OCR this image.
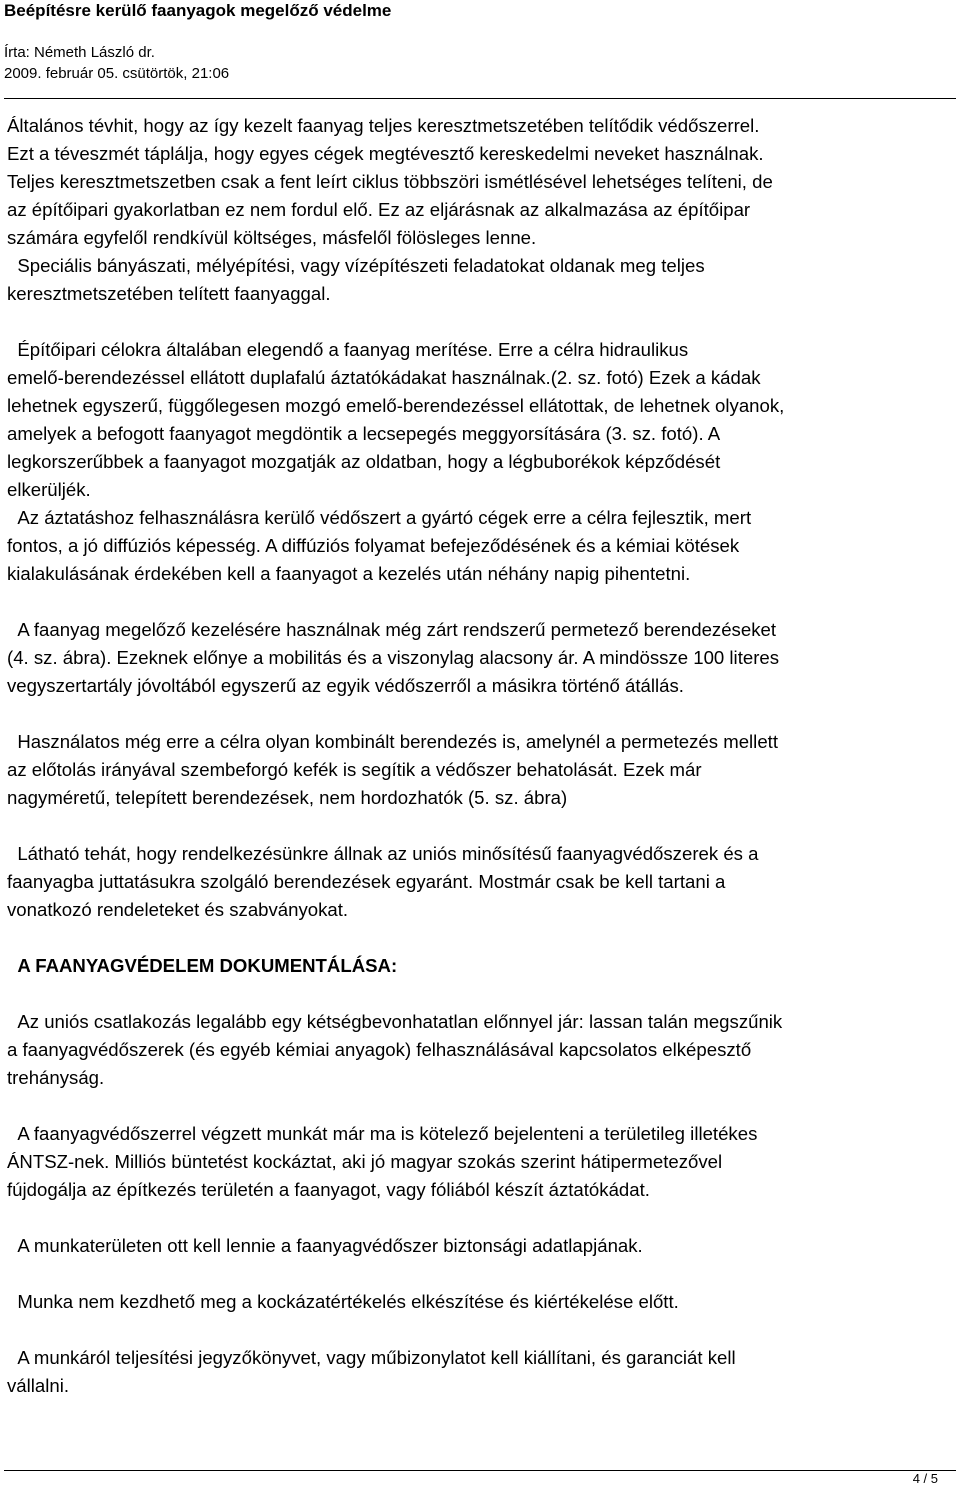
Beépítésre kerülő faanyagok megelőző védelme
Írta: Németh László dr.
2009. február 05. csütörtök, 21:06

Általános tévhit, hogy az így kezelt faanyag teljes keresztmetszetében telítődik védőszerrel.
Ezt a téveszmét táplálja, hogy egyes cégek megtévesztő kereskedelmi neveket használnak.
Teljes keresztmetszetben csak a fent leírt ciklus többszöri ismétlésével lehetséges telíteni, de
az építőipari gyakorlatban ez nem fordul elő. Ez az eljárásnak az alkalmazása az építőipar
számára egyfelől rendkívül költséges, másfelől fölösleges lenne.

Speciális bányászati, mélyépítési, vagy vízépítészeti feladatokat oldanak meg teljes
keresztmetszetében telített faanyaggal.

Építőipari célokra általában elegendő a faanyag merítése. Erre a célra hidraulikus
emelő-berendezéssel ellátott duplafalú áztatókádakat használnak.(2. sz. fotó) Ezek a kádak
lehetnek egyszerű, függőlegesen mozgó emelő-berendezéssel ellátottak, de lehetnek olyanok,
amelyek a befogott faanyagot megdöntik a lecsepegés meggyorsítására (3. sz. fotó). A
legkorszerűbbek a faanyagot mozgatják az oldatban, hogy a légbuborékok képződését
elkerüljék.

Az áztatáshoz felhasználásra kerülő védőszert a gyártó cégek erre a célra fejlesztik, mert
fontos, a jó diffúziós képesség. A diffúziós folyamat befejeződésének és a kémiai kötések
kialakulásának érdekében kell a faanyagot a kezelés után néhány napig pihentetni.

A faanyag megelőző kezelésére használnak még zárt rendszerű permetező berendezéseket
(4. sz. ábra). Ezeknek előnye a mobilitás és a viszonylag alacsony ár. A mindössze 100 literes
vegyszertartály jóvoltából egyszerű az egyik védőszerről a másikra történő átállás.

Használatos még erre a célra olyan kombinált berendezés is, amelynél a permetezés mellett
az előtolás irányával szembeforgó kefék is segítik a védőszer behatolását. Ezek már
nagyméretű, telepített berendezések, nem hordozhatók (5. sz. ábra)

Látható tehát, hogy rendelkezésünkre állnak az uniós minősítésű faanyagvédőszerek és a
faanyagba juttatásukra szolgáló berendezések egyaránt. Mostmár csak be kell tartani a
vonatkozó rendeleteket és szabványokat.

A FAANYAGVÉDELEM DOKUMENTÁLÁSA:

Az uniós csatlakozás legalább egy kétségbevonhatatlan előnnyel jár: lassan talán megszűnik
a faanyagvédőszerek (és egyéb kémiai anyagok) felhasználásával kapcsolatos elképesztő
trehányság.

A faanyagvédőszerrel végzett munkát már ma is kötelező bejelenteni a területileg illetékes
ÁNTSZ-nek. Milliós büntetést kockáztat, aki jó magyar szokás szerint hátipermetezővel
fújdogálja az építkezés területén a faanyagot, vagy fóliából készít áztatókádat.

A munkaterületen ott kell lennie a faanyagvédőszer biztonsági adatlapjának.

Munka nem kezdhető meg a kockázatértékelés elkészítése és kiértékelése előtt.

A munkáról teljesítési jegyzőkönyvet, vagy műbizonylatot kell kiállítani, és garanciát kell
vállalni.

4 / 5
